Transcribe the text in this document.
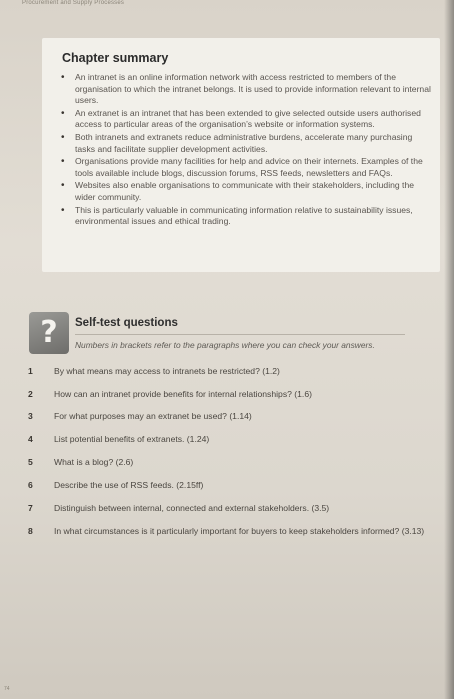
Procurement and Supply Processes
Chapter summary
• An intranet is an online information network with access restricted to members of the organisation to which the intranet belongs. It is used to provide information relevant to internal users.
• An extranet is an intranet that has been extended to give selected outside users authorised access to particular areas of the organisation’s website or information systems.
• Both intranets and extranets reduce administrative burdens, accelerate many purchasing tasks and facilitate supplier development activities.
• Organisations provide many facilities for help and advice on their internets. Examples of the tools available include blogs, discussion forums, RSS feeds, newsletters and FAQs.
• Websites also enable organisations to communicate with their stakeholders, including the wider community.
• This is particularly valuable in communicating information relative to sustainability issues, environmental issues and ethical trading.
?	Self-test questions
Numbers in brackets refer to the paragraphs where you can check your answers.
1	By what means may access to intranets be restricted? (1.2)
2	How can an intranet provide benefits for internal relationships? (1.6)
3	For what purposes may an extranet be used? (1.14)
4	List potential benefits of extranets. (1.24)
5	What is a blog? (2.6)
6	Describe the use of RSS feeds. (2.15ff)
7	Distinguish between internal, connected and external stakeholders. (3.5)
8	In what circumstances is it particularly important for buyers to keep stakeholders informed? (3.13)
74
